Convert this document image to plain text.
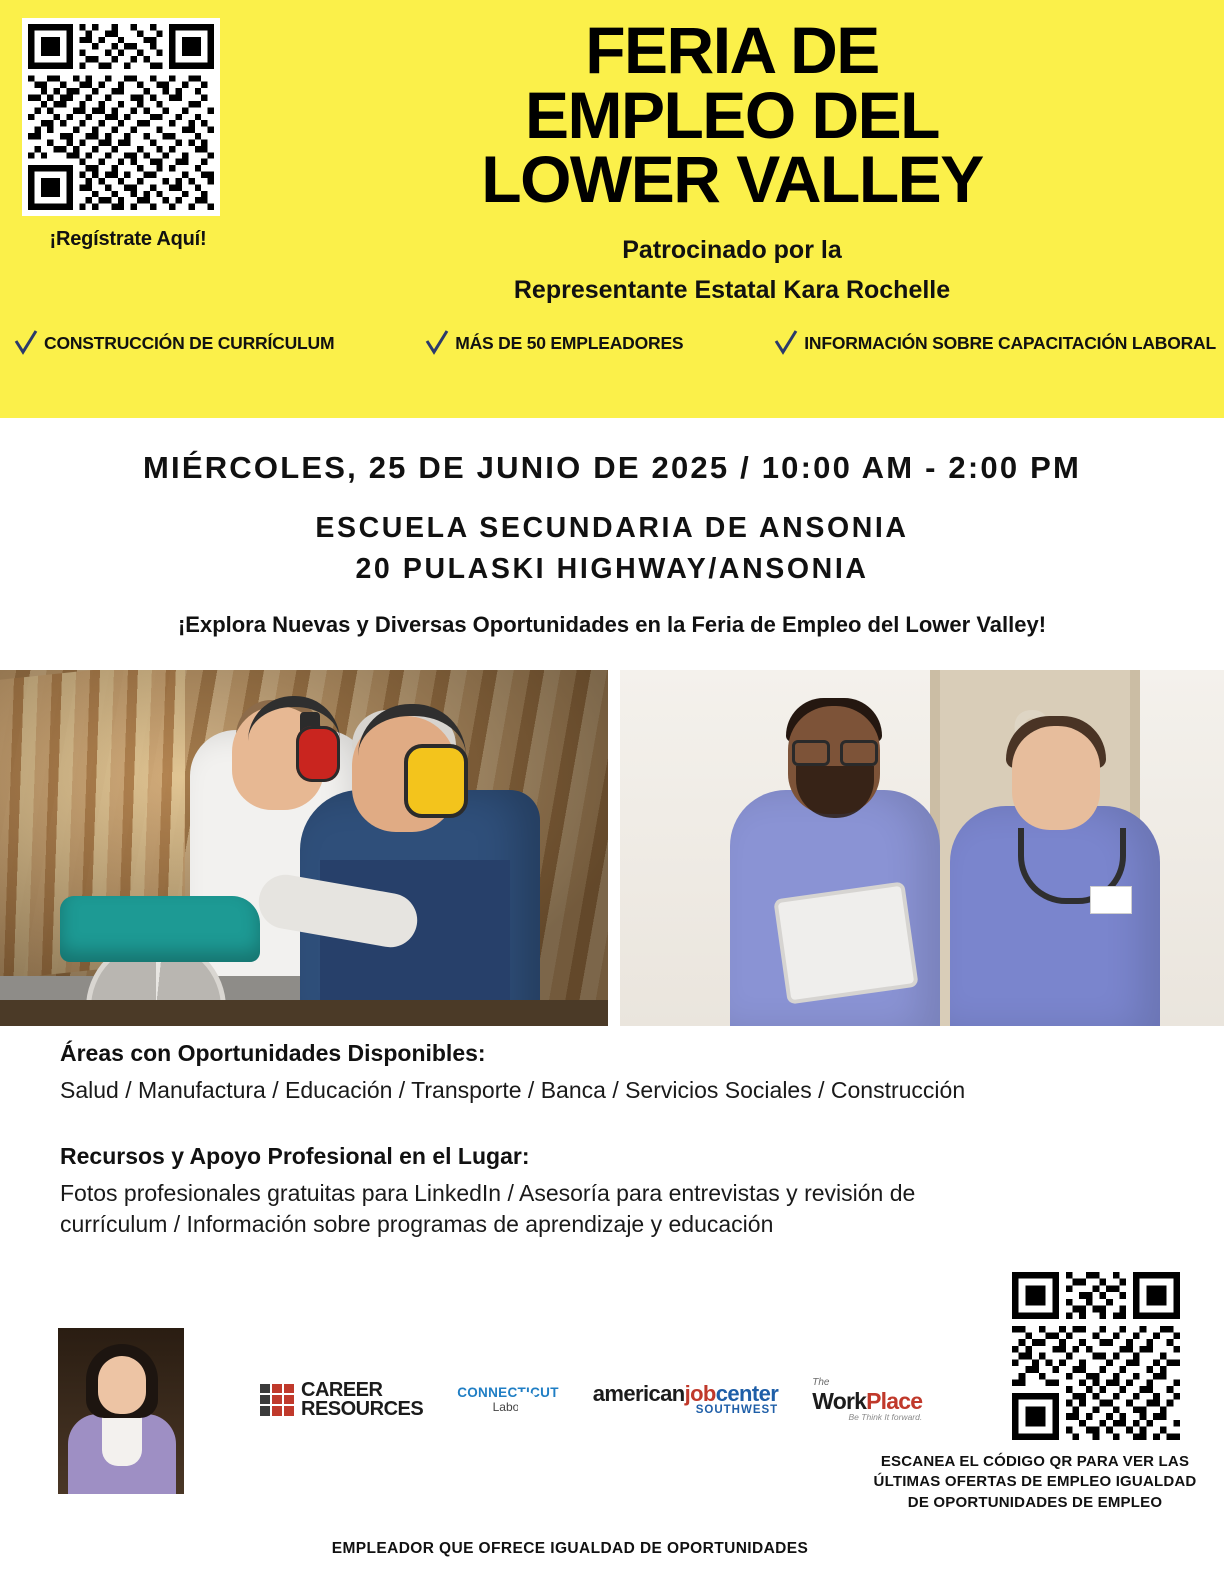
¡Regístrate Aquí!
FERIA DE
EMPLEO DEL
LOWER VALLEY
Patrocinado por la
Representante Estatal Kara Rochelle
CONSTRUCCIÓN DE CURRÍCULUM	MÁS DE 50 EMPLEADORES	INFORMACIÓN SOBRE CAPACITACIÓN LABORAL
MIÉRCOLES, 25 DE JUNIO DE 2025 / 10:00 AM - 2:00 PM
ESCUELA SECUNDARIA DE ANSONIA
20 PULASKI HIGHWAY/ANSONIA
¡Explora Nuevas y Diversas Oportunidades en la Feria de Empleo del Lower Valley!
Áreas con Oportunidades Disponibles:
Salud / Manufactura / Educación / Transporte / Banca / Servicios Sociales / Construcción
Recursos y Apoyo Profesional en el Lugar:
Fotos profesionales gratuitas para LinkedIn / Asesoría para entrevistas y revisión de currículum / Información sobre programas de aprendizaje y educación
CAREER
RESOURCES
CONNECTICUT
Labor
americanjobcenter
SOUTHWEST
The
WorkPlace
Be Think It forward.
ESCANEA EL CÓDIGO QR PARA VER LAS ÚLTIMAS OFERTAS DE EMPLEO IGUALDAD DE OPORTUNIDADES DE EMPLEO
EMPLEADOR QUE OFRECE IGUALDAD DE OPORTUNIDADES
